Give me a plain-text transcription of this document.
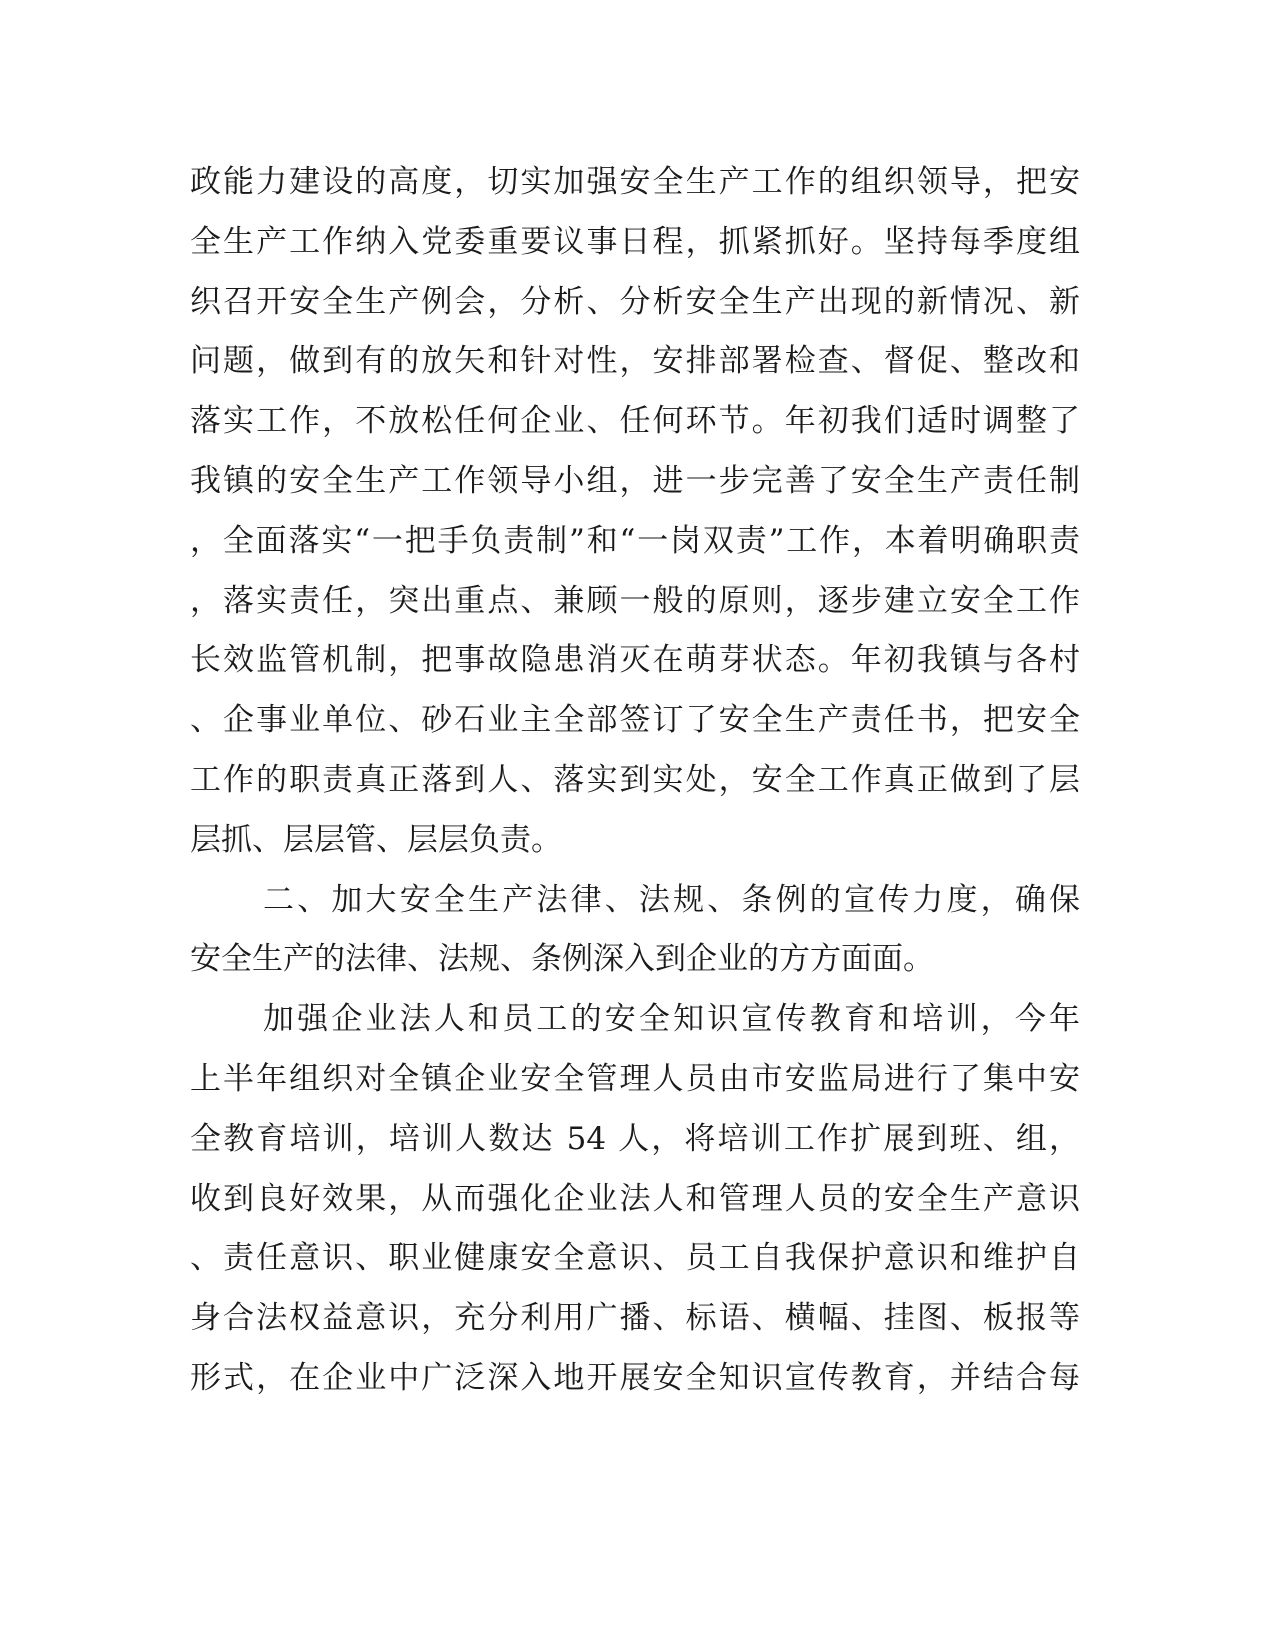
政能力建设的高度，切实加强安全生产工作的组织领导，把安
全生产工作纳入党委重要议事日程，抓紧抓好。坚持每季度组
织召开安全生产例会，分析、分析安全生产出现的新情况、新
问题，做到有的放矢和针对性，安排部署检查、督促、整改和
落实工作，不放松任何企业、任何环节。年初我们适时调整了
我镇的安全生产工作领导小组，进一步完善了安全生产责任制
，全面落实“一把手负责制”和“一岗双责”工作，本着明确职责
，落实责任，突出重点、兼顾一般的原则，逐步建立安全工作
长效监管机制，把事故隐患消灭在萌芽状态。年初我镇与各村
、企事业单位、砂石业主全部签订了安全生产责任书，把安全
工作的职责真正落到人、落实到实处，安全工作真正做到了层
层抓、层层管、层层负责。
二、加大安全生产法律、法规、条例的宣传力度，确保
安全生产的法律、法规、条例深入到企业的方方面面。
加强企业法人和员工的安全知识宣传教育和培训，今年
上半年组织对全镇企业安全管理人员由市安监局进行了集中安
全教育培训，培训人数达 54 人，将培训工作扩展到班、组，
收到良好效果，从而强化企业法人和管理人员的安全生产意识
、责任意识、职业健康安全意识、员工自我保护意识和维护自
身合法权益意识，充分利用广播、标语、横幅、挂图、板报等
形式，在企业中广泛深入地开展安全知识宣传教育，并结合每
